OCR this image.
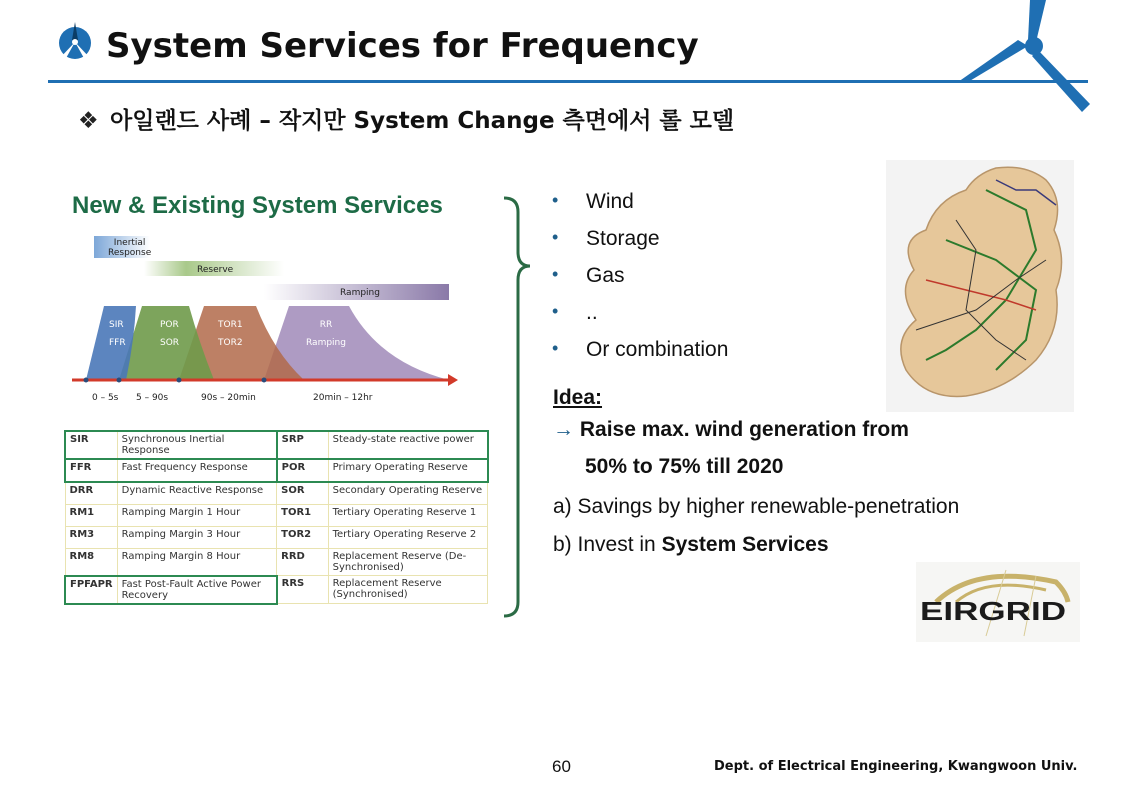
System Services for Frequency
❖ 아일랜드 사례 – 작지만 System Change 측면에서 롤 모델
New & Existing System Services
Inertial
Response
Reserve
Ramping
SIR
FFR
POR
SOR
TOR1
TOR2
RR
Ramping
0 – 5s 5 – 90s	90s – 20min	20min – 12hr
SIR	Synchronous Inertial Response	SRP	Steady-state reactive power
FFR	Fast Frequency Response	POR	Primary Operating Reserve
DRR	Dynamic Reactive Response	SOR	Secondary Operating Reserve
RM1	Ramping Margin 1 Hour	TOR1	Tertiary Operating Reserve 1
RM3	Ramping Margin 3 Hour	TOR2	Tertiary Operating Reserve 2
RM8	Ramping Margin 8 Hour	RRD	Replacement Reserve (De-Synchronised)
FPFAPR	Fast Post-Fault Active Power Recovery	RRS	Replacement Reserve (Synchronised)
• Wind
• Storage
• Gas
• ..
• Or combination
Idea:
→ Raise max. wind generation from
50% to 75% till 2020
a) Savings by higher renewable-penetration
b) Invest in System Services
EIRGRID
60	Dept. of Electrical Engineering, Kwangwoon Univ.
